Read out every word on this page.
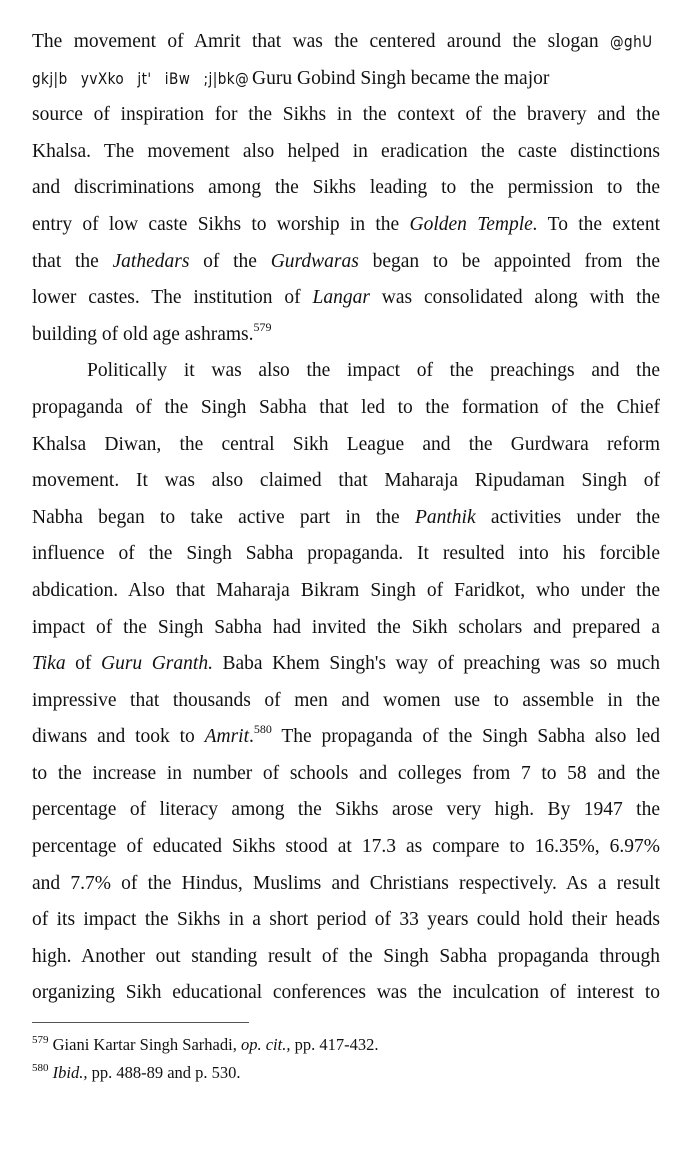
The movement of Amrit that was the centered around the slogan @ghU
gkj|b yvXko jt' iBw ;j|bk@   Guru Gobind Singh became the major
source of inspiration for the Sikhs in the context of the bravery and the
Khalsa. The movement also helped in eradication the caste distinctions
and discriminations among the Sikhs leading to the permission to the
entry of low caste Sikhs to worship in the Golden Temple. To the extent
that the Jathedars of the Gurdwaras began to be appointed from the
lower castes. The institution of Langar was consolidated along with the
building of old age ashrams.$^{579}$
Politically it was also the impact of the preachings and the
propaganda of the Singh Sabha that led to the formation of the Chief
Khalsa Diwan, the central Sikh League and the Gurdwara reform
movement. It was also claimed that Maharaja Ripudaman Singh of
Nabha began to take active part in the Panthik activities under the
influence of the Singh Sabha propaganda. It resulted into his forcible
abdication. Also that Maharaja Bikram Singh of Faridkot, who under the
impact of the Singh Sabha had invited the Sikh scholars and prepared a
Tika of Guru Granth. Baba Khem Singh's way of preaching was so much
impressive that thousands of men and women use to assemble in the
diwans and took to Amrit.$^{580}$ The propaganda of the Singh Sabha also led
to the increase in number of schools and colleges from 7 to 58 and the
percentage of literacy among the Sikhs arose very high. By 1947 the
percentage of educated Sikhs stood at 17.3 as compare to 16.35%, 6.97%
and 7.7% of the Hindus, Muslims and Christians respectively. As a result
of its impact the Sikhs in a short period of 33 years could hold their heads
high. Another out standing result of the Singh Sabha propaganda through
organizing Sikh educational conferences was the inculcation of interest to
$^{579}$ Giani Kartar Singh Sarhadi, op. cit., pp. 417-432.
$^{580}$ Ibid., pp. 488-89 and p. 530.
